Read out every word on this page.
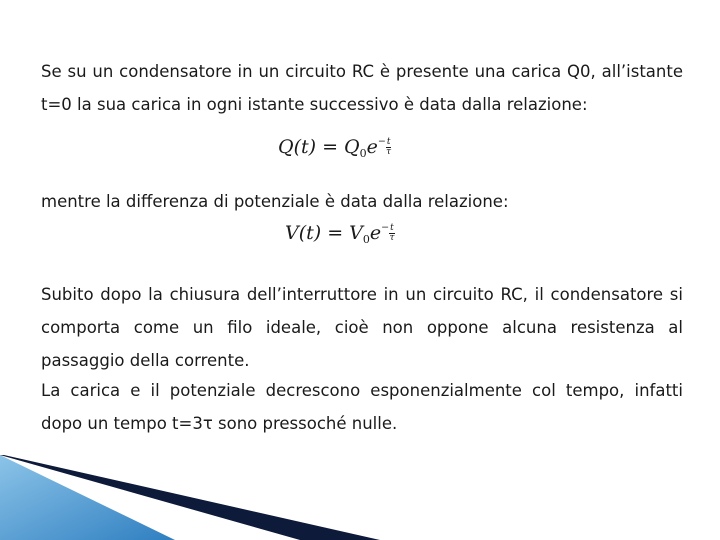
Se su un condensatore in un circuito RC è presente una carica Q0, all’istante t=0 la sua carica in ogni istante successivo è data dalla relazione:

$Q(t) = Q_0e- \frac{t}{\tau}$

mentre la differenza di potenziale è data dalla relazione:

$V(t) = V_0e- \frac{t}{\tau}$

Subito dopo la chiusura dell’interruttore in un circuito RC, il condensatore si comporta come un filo ideale, cioè non oppone alcuna resistenza al passaggio della corrente.

La carica e il potenziale decrescono esponenzialmente col tempo, infatti dopo un tempo t=3τ sono pressoché nulle.
